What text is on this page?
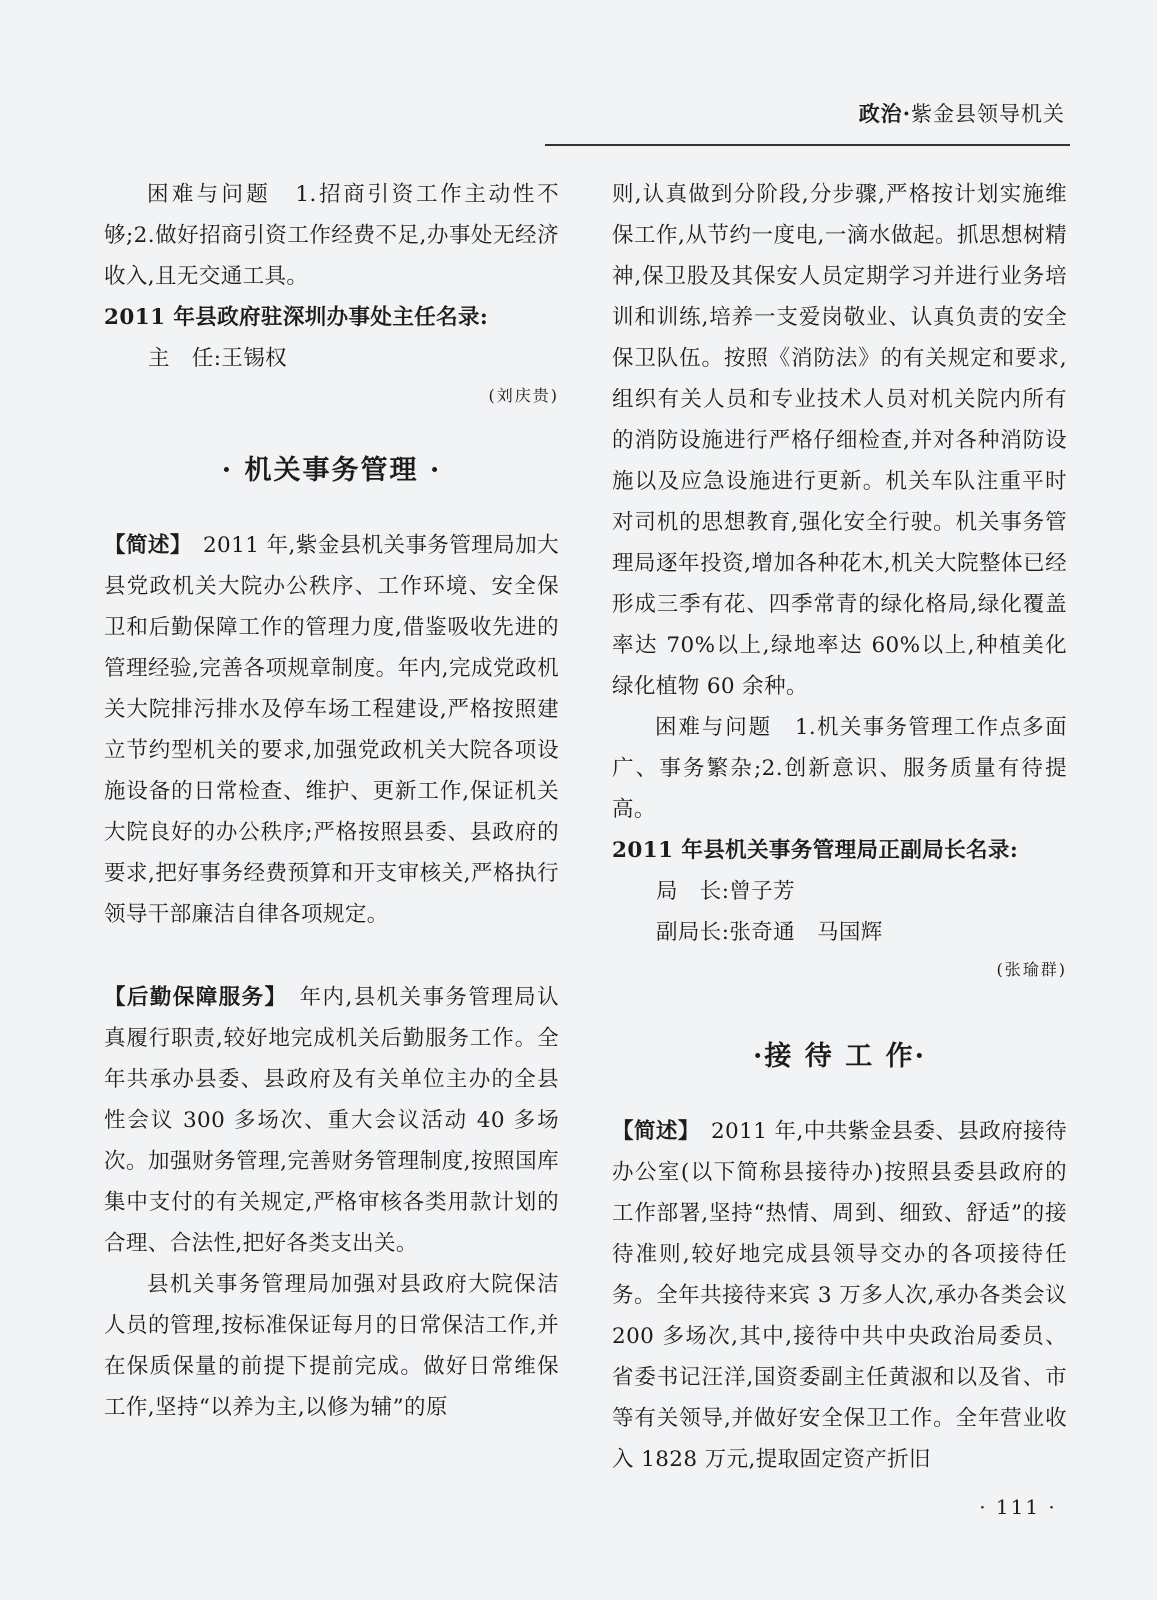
政治·紫金县领导机关

困难与问题　 1.招商引资工作主动性不够;2.做好招商引资工作经费不足,办事处无经济收入,且无交通工具。

2011 年县政府驻深圳办事处主任名录:

主　任:王锡权

(刘庆贵)

· 机关事务管理 ·

【简述】　 2011 年,紫金县机关事务管理局加大县党政机关大院办公秩序、工作环境、安全保卫和后勤保障工作的管理力度,借鉴吸收先进的管理经验,完善各项规章制度。年内,完成党政机关大院排污排水及停车场工程建设,严格按照建立节约型机关的要求,加强党政机关大院各项设施设备的日常检查、维护、更新工作,保证机关大院良好的办公秩序;严格按照县委、县政府的要求,把好事务经费预算和开支审核关,严格执行领导干部廉洁自律各项规定。

【后勤保障服务】　 年内,县机关事务管理局认真履行职责,较好地完成机关后勤服务工作。全年共承办县委、县政府及有关单位主办的全县性会议 300 多场次、重大会议活动 40 多场次。加强财务管理,完善财务管理制度,按照国库集中支付的有关规定,严格审核各类用款计划的合理、合法性,把好各类支出关。

县机关事务管理局加强对县政府大院保洁人员的管理,按标准保证每月的日常保洁工作,并在保质保量的前提下提前完成。做好日常维保工作,坚持“以养为主,以修为辅”的原

则,认真做到分阶段,分步骤,严格按计划实施维保工作,从节约一度电,一滴水做起。抓思想树精神,保卫股及其保安人员定期学习并进行业务培训和训练,培养一支爱岗敬业、认真负责的安全保卫队伍。按照《消防法》的有关规定和要求,组织有关人员和专业技术人员对机关院内所有的消防设施进行严格仔细检查,并对各种消防设施以及应急设施进行更新。机关车队注重平时对司机的思想教育,强化安全行驶。机关事务管理局逐年投资,增加各种花木,机关大院整体已经形成三季有花、四季常青的绿化格局,绿化覆盖率达 70%以上,绿地率达 60%以上,种植美化绿化植物 60 余种。

困难与问题　 1.机关事务管理工作点多面广、事务繁杂;2.创新意识、服务质量有待提高。

2011 年县机关事务管理局正副局长名录:

局　长:曾子芳

副局长:张奇通　马国辉

(张瑜群)

·接 待 工 作·

【简述】　 2011 年,中共紫金县委、县政府接待办公室(以下简称县接待办)按照县委县政府的工作部署,坚持“热情、周到、细致、舒适”的接待准则,较好地完成县领导交办的各项接待任务。全年共接待来宾 3 万多人次,承办各类会议 200 多场次,其中,接待中共中央政治局委员、省委书记汪洋,国资委副主任黄淑和以及省、市等有关领导,并做好安全保卫工作。全年营业收入 1828 万元,提取固定资产折旧

· 111 ·
